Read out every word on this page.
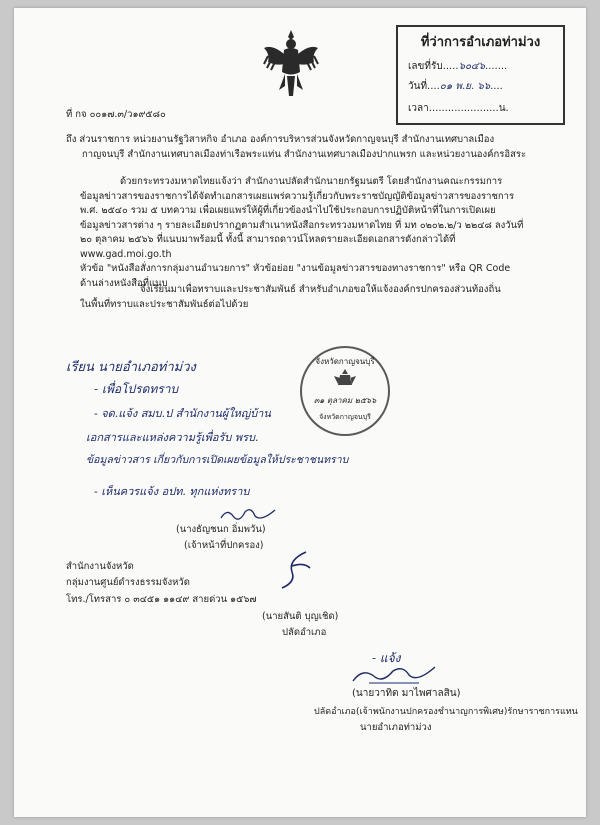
ที่ว่าการอำเภอท่าม่วง
เลขที่รับ.....๖๐๔๖.......
วันที่....๐๑ พ.ย. ๖๖....
เวลา......................น.
ที่ กจ ๐๐๑๗.๓/ว๑๙๕๘๐
ถึง ส่วนราชการ หน่วยงานรัฐวิสาหกิจ อำเภอ องค์การบริหารส่วนจังหวัดกาญจนบุรี สำนักงานเทศบาลเมือง
กาญจนบุรี สำนักงานเทศบาลเมืองท่าเรือพระแท่น สำนักงานเทศบาลเมืองปากแพรก และหน่วยงานองค์กรอิสระ
ด้วยกระทรวงมหาดไทยแจ้งว่า สำนักงานปลัดสำนักนายกรัฐมนตรี โดยสำนักงานคณะกรรมการ
ข้อมูลข่าวสารของราชการได้จัดทำเอกสารเผยแพร่ความรู้เกี่ยวกับพระราชบัญญัติข้อมูลข่าวสารของราชการ
พ.ศ. ๒๕๔๐ รวม ๕ บทความ เพื่อเผยแพร่ให้ผู้ที่เกี่ยวข้องนำไปใช้ประกอบการปฏิบัติหน้าที่ในการเปิดเผย
ข้อมูลข่าวสารต่าง ๆ รายละเอียดปรากฏตามสำเนาหนังสือกระทรวงมหาดไทย ที่ มท ๐๒๐๒.๒/ว ๒๒๔๘ ลงวันที่
๒๐ ตุลาคม ๒๕๖๖ ที่แนบมาพร้อมนี้ ทั้งนี้ สามารถดาวน์โหลดรายละเอียดเอกสารดังกล่าวได้ที่ www.gad.moi.go.th
หัวข้อ "หนังสือสั่งการกลุ่มงานอำนวยการ" หัวข้อย่อย "งานข้อมูลข่าวสารของทางราชการ" หรือ QR Code
ด้านล่างหนังสือที่แนบ
จึงเรียนมาเพื่อทราบและประชาสัมพันธ์ สำหรับอำเภอขอให้แจ้งองค์กรปกครองส่วนท้องถิ่น
ในพื้นที่ทราบและประชาสัมพันธ์ต่อไปด้วย
เรียน นายอำเภอท่าม่วง
- เพื่อโปรดทราบ
- จด.แจ้ง สมบ.ป สำนักงานผู้ใหญ่บ้าน
เอกสารและแหล่งความรู้เพื่อรับ พรบ.
ข้อมูลข่าวสาร เกี่ยวกับการเปิดเผยข้อมูลให้ประชาชนทราบ
- เห็นควรแจ้ง อปท. ทุกแห่งทราบ
จังหวัดกาญจนบุรี
๓๑ ตุลาคม ๒๕๖๖
จังหวัดกาญจนบุรี
(นางธัญชนก อิ่มพวัน)
(เจ้าหน้าที่ปกครอง)
สำนักงานจังหวัด
กลุ่มงานศูนย์ดำรงธรรมจังหวัด
โทร./โทรสาร ๐ ๓๔๕๑ ๑๑๔๙ สายด่วน ๑๕๖๗
(นายสันติ บุญเชิด)
ปลัดอำเภอ
- แจ้ง
(นายวาทิต มาไพศาลสิน)
ปลัดอำเภอ(เจ้าพนักงานปกครองชำนาญการพิเศษ)รักษาราชการแทน
นายอำเภอท่าม่วง
